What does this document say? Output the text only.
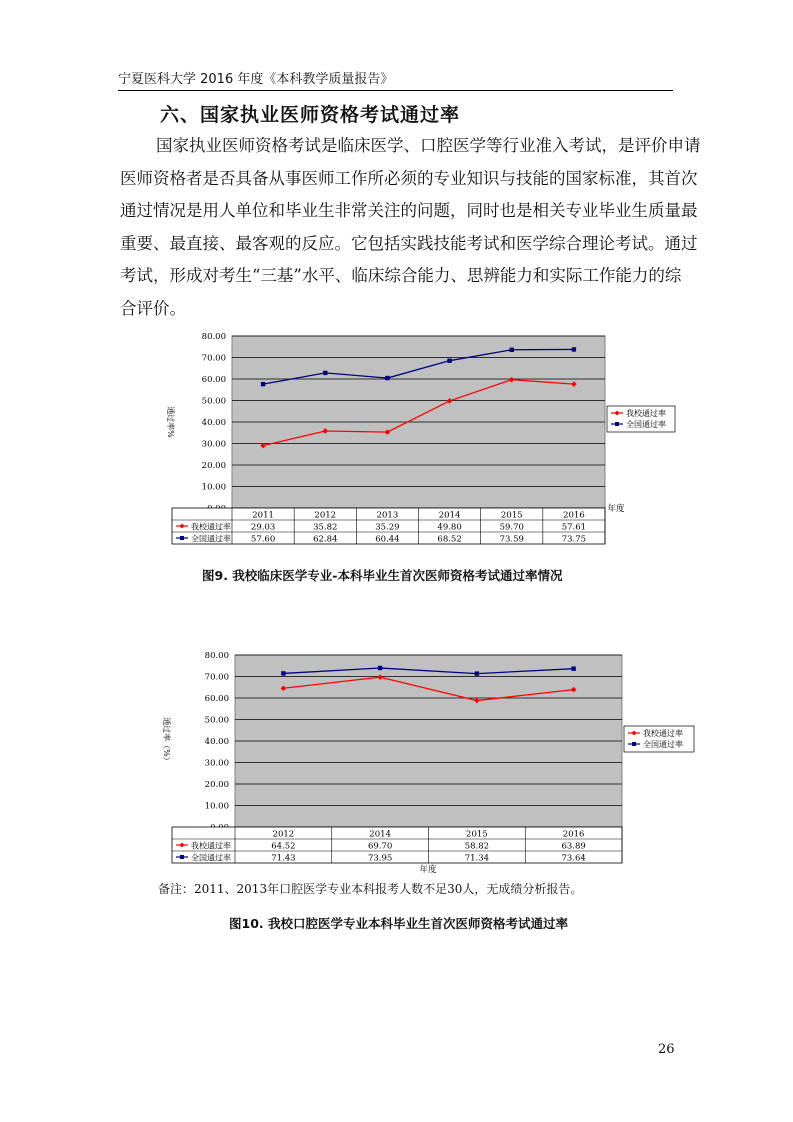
宁夏医科大学 2016 年度《本科教学质量报告》
六、国家执业医师资格考试通过率

国家执业医师资格考试是临床医学、口腔医学等行业准入考试，是评价申请
医师资格者是否具备从事医师工作所必须的专业知识与技能的国家标准，其首次
通过情况是用人单位和毕业生非常关注的问题，同时也是相关专业毕业生质量最
重要、最直接、最客观的反应。它包括实践技能考试和医学综合理论考试。通过
考试，形成对考生“三基”水平、临床综合能力、思辨能力和实际工作能力的综
合评价。

10.00
20.00
30.00
40.00
50.00
60.00
70.00
80.00
通过率%
2011	2012	2013	2014	2015	2016
我校通过率 29.03	35.82	35.29	49.80	59.70	57.61
全国通过率 57.60	62.84	60.44	68.52	73.59	73.75
我校通过率
全国通过率
年度
图9. 我校临床医学专业-本科毕业生首次医师资格考试通过率情况
10.00
20.00
30.00
40.00
50.00
60.00
70.00
80.00
通过率（%）
2012	2014	2015	2016
我校通过率	64.52	69.70	58.82	63.89
全国通过率	71.43	73.95	71.34	73.64
我校通过率
全国通过率
年度
备注：2011、2013年口腔医学专业本科报考人数不足30人，无成绩分析报告。
图10. 我校口腔医学专业本科毕业生首次医师资格考试通过率
26
